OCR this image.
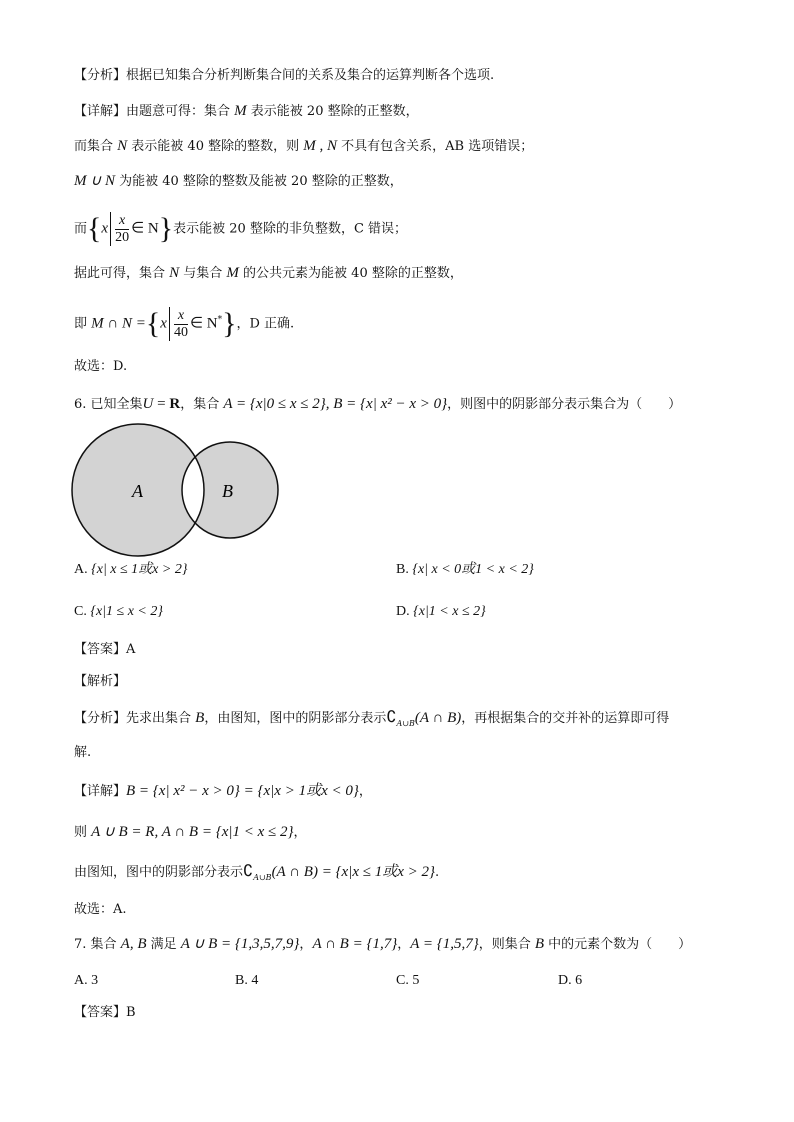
【分析】根据已知集合分析判断集合间的关系及集合的运算判断各个选项.
【详解】由题意可得：集合 M 表示能被 20 整除的正整数，
而集合 N 表示能被 40 整除的整数，则 M , N 不具有包含关系，AB 选项错误；
M ∪ N 为能被 40 整除的整数及能被 20 整除的正整数，
而{$x \frac{x}{20}$ ∈ N}表示能被 20 整除的非负整数，C 错误；
据此可得，集合 N 与集合 M 的公共元素为能被 40 整除的正整数，
即 M ∩ $N =\{x \frac{x}{40}$ ∈ N*}，D 正确.
故选：D.
6. 已知全集U = R，集合 A = {x|0 ≤ x ≤ 2}, B = {x| x² − x > 0}，则图中的阴影部分表示集合为（　　）
A	B
A. {x| x ≤ 1或x > 2}	B. {x| x < 0或1 < x < 2}
C. {x|1 ≤ x < 2}	D. {x|1 < x ≤ 2}
【答案】A
【解析】
【分析】先求出集合 B，由图知，图中的阴影部分表示$∁_{A\cup B}(A$ ∩ B)，再根据集合的交并补的运算即可得
解.
【详解】B = {x| x² − x > 0} = {x|x > 1或x < 0}，
则 A ∪ B = R, A ∩ B = {x|1 < x ≤ 2}，
由图知，图中的阴影部分表示$∁_{A\cup B}(A$ ∩ B) = {x|x ≤ 1或x > 2}.
故选：A.
7. 集合 A, B 满足 A ∪ B = {1,3,5,7,9}，A ∩ B = {1,7}，A = {1,5,7}，则集合 B 中的元素个数为（　　）
A. 3	B. 4	C. 5	D. 6
【答案】B
